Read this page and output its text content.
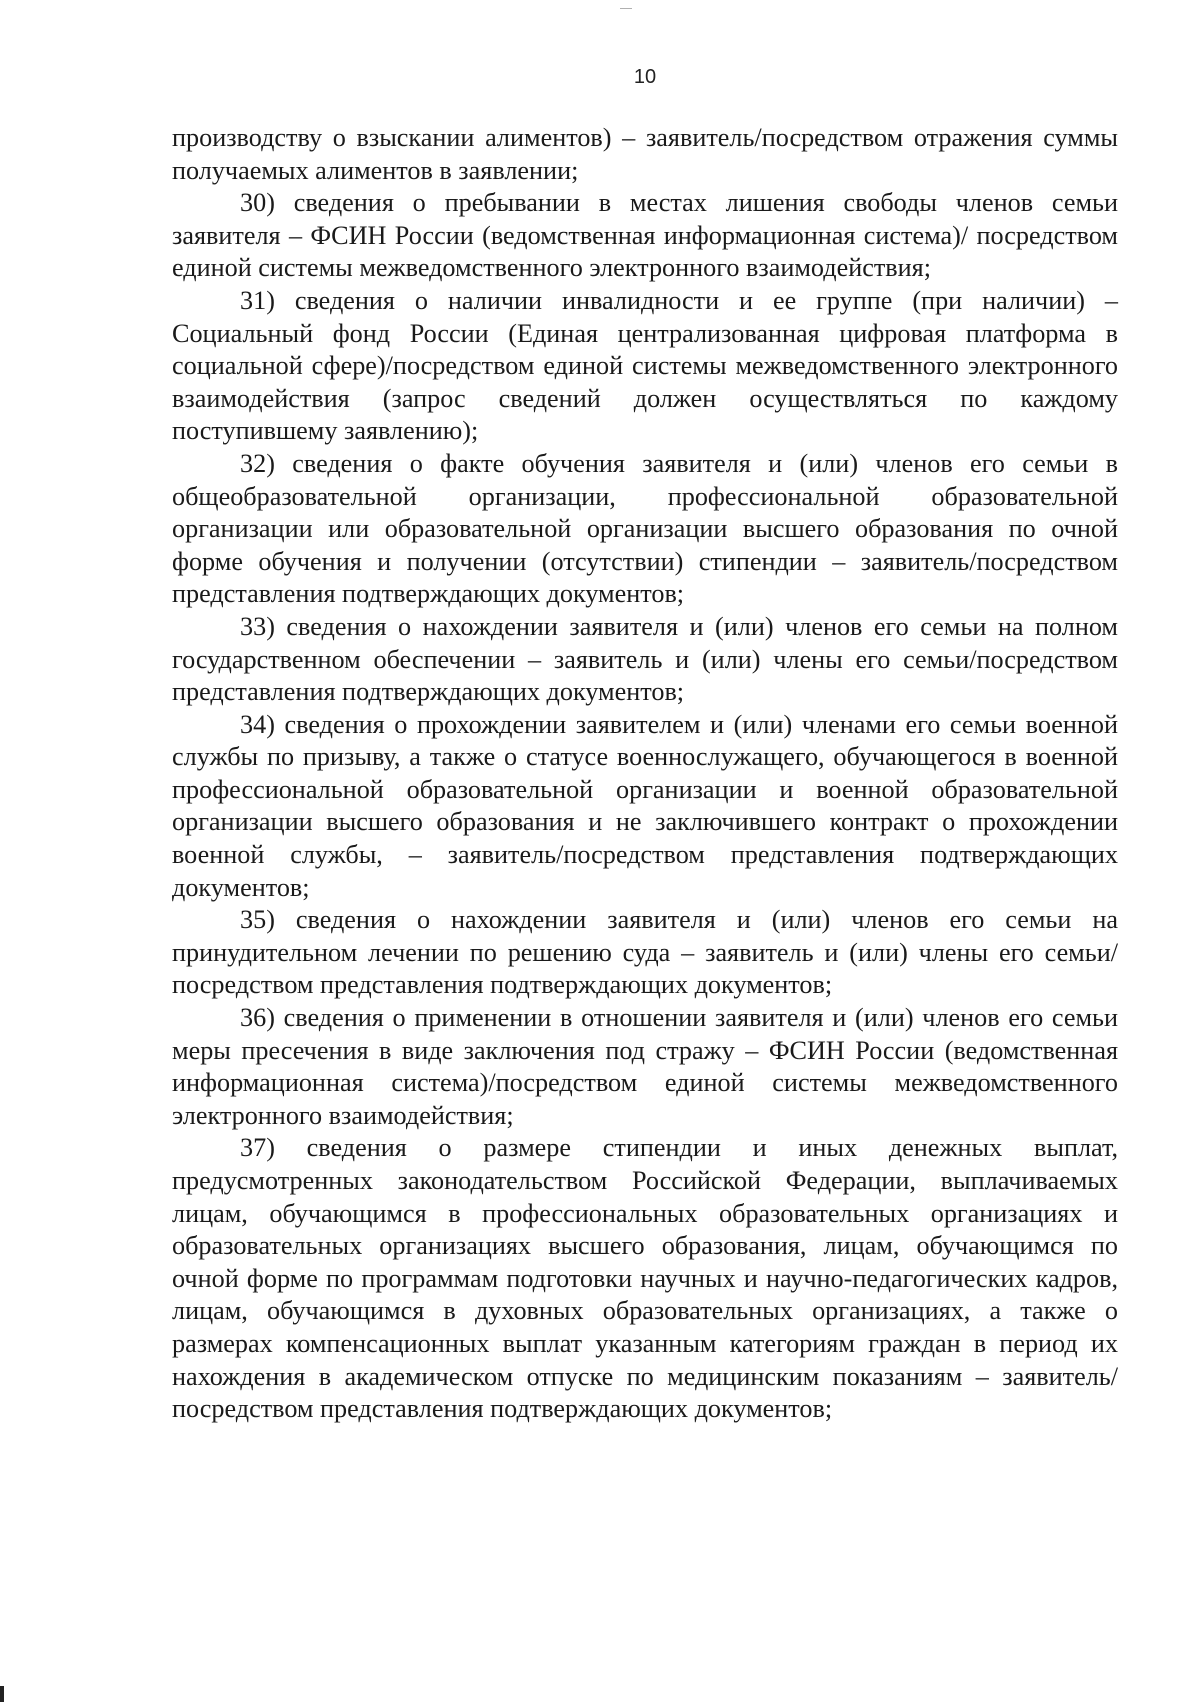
10

производству о взыскании алиментов) – заявитель/посредством отражения суммы получаемых алиментов в заявлении;

30) сведения о пребывании в местах лишения свободы членов семьи заявителя – ФСИН России (ведомственная информационная система)/ посредством единой системы межведомственного электронного взаимодействия;

31) сведения о наличии инвалидности и ее группе (при наличии) – Социальный фонд России (Единая централизованная цифровая платформа в социальной сфере)/посредством единой системы межведомственного электронного взаимодействия (запрос сведений должен осуществляться по каждому поступившему заявлению);

32) сведения о факте обучения заявителя и (или) членов его семьи в общеобразовательной организации, профессиональной образовательной организации или образовательной организации высшего образования по очной форме обучения и получении (отсутствии) стипендии – заявитель/посредством представления подтверждающих документов;

33) сведения о нахождении заявителя и (или) членов его семьи на полном государственном обеспечении – заявитель и (или) члены его семьи/посредством представления подтверждающих документов;

34) сведения о прохождении заявителем и (или) членами его семьи военной службы по призыву, а также о статусе военнослужащего, обучающегося в военной профессиональной образовательной организации и военной образовательной организации высшего образования и не заключившего контракт о прохождении военной службы, – заявитель/посредством представления подтверждающих документов;

35) сведения о нахождении заявителя и (или) членов его семьи на принудительном лечении по решению суда – заявитель и (или) члены его семьи/посредством представления подтверждающих документов;

36) сведения о применении в отношении заявителя и (или) членов его семьи меры пресечения в виде заключения под стражу – ФСИН России (ведомственная информационная система)/посредством единой системы межведомственного электронного взаимодействия;

37) сведения о размере стипендии и иных денежных выплат, предусмотренных законодательством Российской Федерации, выплачиваемых лицам, обучающимся в профессиональных образовательных организациях и образовательных организациях высшего образования, лицам, обучающимся по очной форме по программам подготовки научных и научно-педагогических кадров, лицам, обучающимся в духовных образовательных организациях, а также о размерах компенсационных выплат указанным категориям граждан в период их нахождения в академическом отпуске по медицинским показаниям – заявитель/посредством представления подтверждающих документов;
